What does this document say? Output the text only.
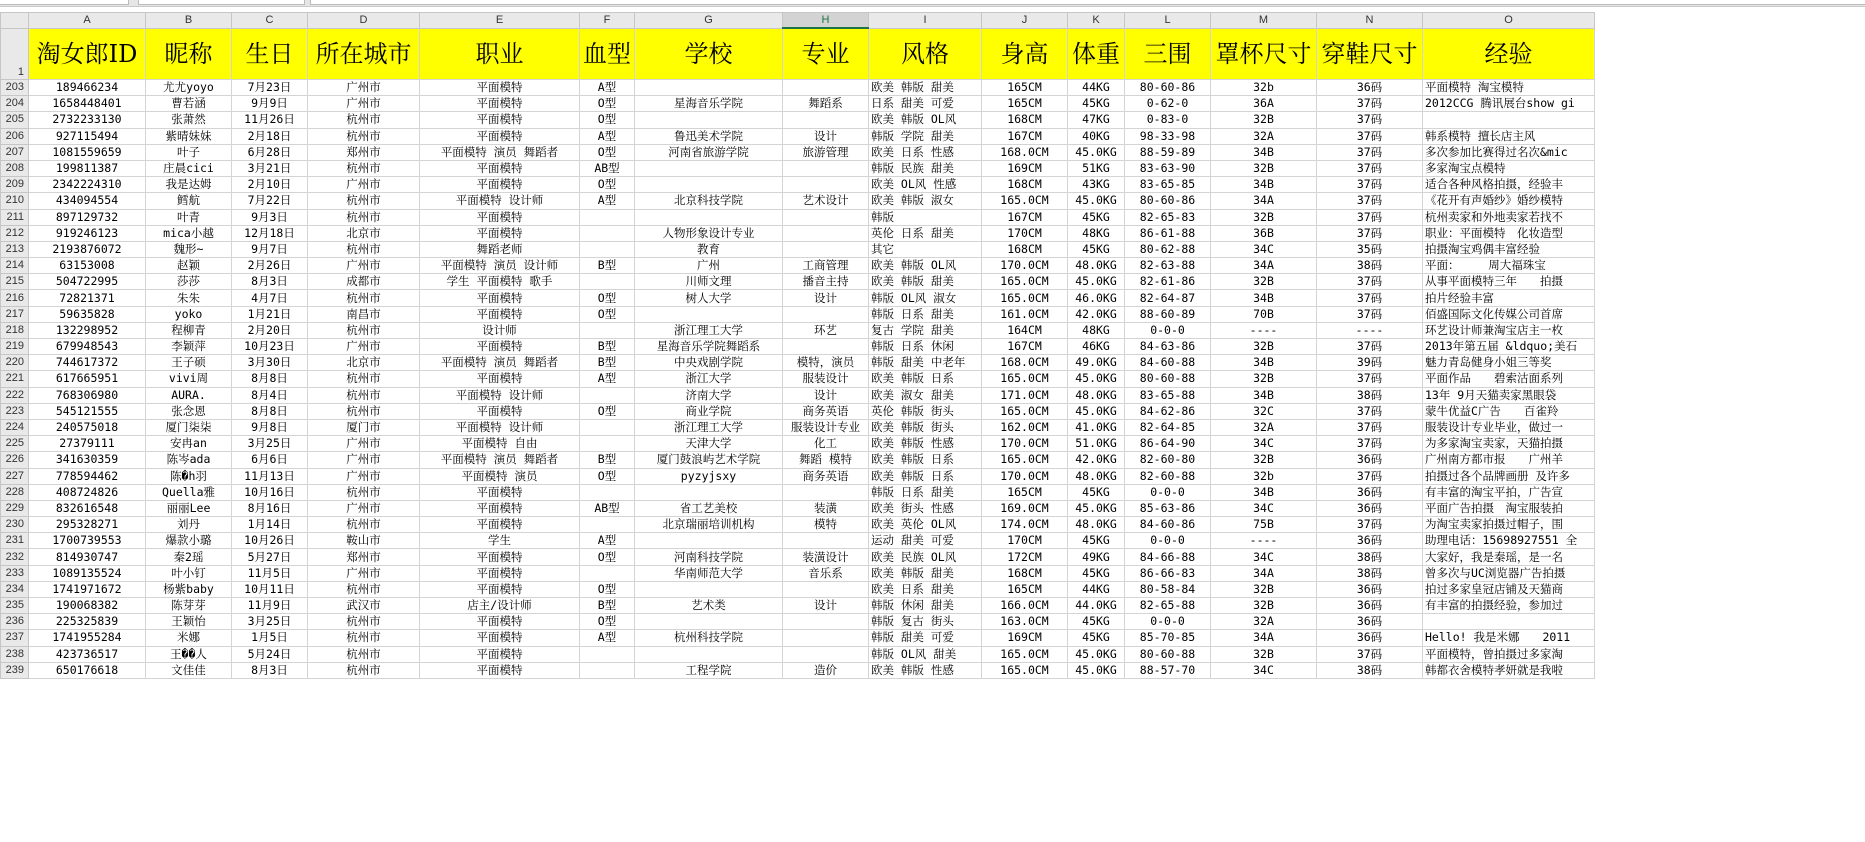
	A	B	C	D	E	F	G	H	I	J	K	L	M	N	O
1	淘女郎ID	昵称	生日	所在城市	职业	血型	学校	专业	风格	身高	体重	三围	罩杯尺寸	穿鞋尺寸	经验
203	189466234	尤尤yoyo	7月23日	广州市	平面模特	A型			欧美 韩版 甜美	165CM	44KG	80-60-86	32b	36码	平面模特 淘宝模特
204	1658448401	曹若涵	9月9日	广州市	平面模特	O型	星海音乐学院	舞蹈系	日系 甜美 可爱	165CM	45KG	0-62-0	36A	37码	2012CCG 腾讯展台show gi
205	2732233130	张萧然	11月26日	杭州市	平面模特	O型			欧美 韩版 OL风	168CM	47KG	0-83-0	32B	37码	
206	927115494	紫晴妹妹	2月18日	杭州市	平面模特	A型	鲁迅美术学院	设计	韩版 学院 甜美	167CM	40KG	98-33-98	32A	37码	韩系模特 擅长店主风
207	1081559659	叶子	6月28日	郑州市	平面模特 演员 舞蹈者	O型	河南省旅游学院	旅游管理	欧美 日系 性感	168.0CM	45.0KG	88-59-89	34B	37码	多次参加比赛得过名次&mic
208	199811387	庄晨cici	3月21日	杭州市	平面模特	AB型			韩版 民族 甜美	169CM	51KG	83-63-90	32B	37码	多家淘宝点模特
209	2342224310	我是达姆	2月10日	广州市	平面模特	O型			欧美 OL风 性感	168CM	43KG	83-65-85	34B	37码	适合各种风格拍摄，经验丰
210	434094554	鳕航	7月22日	杭州市	平面模特 设计师	A型	北京科技学院	艺术设计	欧美 韩版 淑女	165.0CM	45.0KG	80-60-86	34A	37码	《花开有声婚纱》婚纱模特
211	897129732	叶青	9月3日	杭州市	平面模特				韩版	167CM	45KG	82-65-83	32B	37码	杭州卖家和外地卖家若找不
212	919246123	mica小越	12月18日	北京市	平面模特		人物形象设计专业		英伦 日系 甜美	170CM	48KG	86-61-88	36B	37码	职业：平面模特　化妆造型
213	2193876072	魏形~	9月7日	杭州市	舞蹈老师		教育		其它	168CM	45KG	80-62-88	34C	35码	拍摄淘宝鸡偶丰富经验
214	63153008	赵颖	2月26日	广州市	平面模特 演员 设计师	B型	广州	工商管理	欧美 韩版 OL风	170.0CM	48.0KG	82-63-88	34A	38码	平面：　　　周大福珠宝
215	504722995	莎莎	8月3日	成都市	学生 平面模特 歌手		川师文理	播音主持	欧美 韩版 甜美	165.0CM	45.0KG	82-61-86	32B	37码	从事平面模特三年　　拍摄
216	72821371	朱朱	4月7日	杭州市	平面模特	O型	树人大学	设计	韩版 OL风 淑女	165.0CM	46.0KG	82-64-87	34B	37码	拍片经验丰富
217	59635828	yoko	1月21日	南昌市	平面模特	O型			韩版 日系 甜美	161.0CM	42.0KG	88-60-89	70B	37码	佰盛国际文化传媒公司首席
218	132298952	程柳青	2月20日	杭州市	设计师		浙江理工大学	环艺	复古 学院 甜美	164CM	48KG	0-0-0	----	----	环艺设计师兼淘宝店主一枚
219	679948543	李颖萍	10月23日	广州市	平面模特	B型	星海音乐学院舞蹈系		韩版 日系 休闲	167CM	46KG	84-63-86	32B	37码	2013年第五届 &ldquo;美石
220	744617372	王子硕	3月30日	北京市	平面模特 演员 舞蹈者	B型	中央戏剧学院	模特，演员	韩版 甜美 中老年	168.0CM	49.0KG	84-60-88	34B	39码	魅力青岛健身小姐三等奖
221	617665951	vivi周	8月8日	杭州市	平面模特	A型	浙江大学	服装设计	欧美 韩版 日系	165.0CM	45.0KG	80-60-88	32B	37码	平面作品　　碧索沽面系列
222	768306980	AURA.	8月4日	杭州市	平面模特 设计师		济南大学	设计	欧美 淑女 甜美	171.0CM	48.0KG	83-65-88	34B	38码	13年 9月天猫卖家黑眼袋
223	545121555	张念恩	8月8日	杭州市	平面模特	O型	商业学院	商务英语	英伦 韩版 街头	165.0CM	45.0KG	84-62-86	32C	37码	蒙牛优益C广告　　百雀羚
224	240575018	厦门柒柒	9月8日	厦门市	平面模特 设计师		浙江理工大学	服装设计专业	欧美 韩版 街头	162.0CM	41.0KG	82-64-85	32A	37码	服装设计专业毕业，做过一
225	27379111	安冉an	3月25日	广州市	平面模特 自由		天津大学	化工	欧美 韩版 性感	170.0CM	51.0KG	86-64-90	34C	37码	为多家淘宝卖家，天猫拍摄
226	341630359	陈岑ada	6月6日	广州市	平面模特 演员 舞蹈者	B型	厦门鼓浪屿艺术学院	舞蹈 模特	欧美 韩版 日系	165.0CM	42.0KG	82-60-80	32B	36码	广州南方都市报　　广州羊
227	778594462	陈�h羽	11月13日	广州市	平面模特 演员	O型	pyzyjsxy	商务英语	欧美 韩版 日系	170.0CM	48.0KG	82-60-88	32b	37码	拍摄过各个品牌画册 及许多
228	408724826	Quella雅	10月16日	杭州市	平面模特				韩版 日系 甜美	165CM	45KG	0-0-0	34B	36码	有丰富的淘宝平拍，广告宣
229	832616548	丽丽Lee	8月16日	广州市	平面模特	AB型	省工艺美校	装潢	欧美 街头 性感	169.0CM	45.0KG	85-63-86	34C	36码	平面广告拍摄　淘宝服装拍
230	295328271	刘丹	1月14日	杭州市	平面模特		北京瑞丽培训机构	模特	欧美 英伦 OL风	174.0CM	48.0KG	84-60-86	75B	37码	为淘宝卖家拍摄过帽子，围
231	1700739553	爆款小璐	10月26日	鞍山市	学生	A型			运动 甜美 可爱	170CM	45KG	0-0-0	----	36码	助理电话：15698927551 全
232	814930747	秦2瑶	5月27日	郑州市	平面模特	O型	河南科技学院	装潢设计	欧美 民族 OL风	172CM	49KG	84-66-88	34C	38码	大家好，我是秦瑶，是一名
233	1089135524	叶小钉	11月5日	广州市	平面模特		华南师范大学	音乐系	欧美 韩版 甜美	168CM	45KG	86-66-83	34A	38码	曾多次与UC浏览器广告拍摄
234	1741971672	杨紫baby	10月11日	杭州市	平面模特	O型			欧美 日系 甜美	165CM	44KG	80-58-84	32B	36码	拍过多家皇冠店铺及天猫商
235	190068382	陈芽芽	11月9日	武汉市	店主/设计师	B型	艺术类	设计	韩版 休闲 甜美	166.0CM	44.0KG	82-65-88	32B	36码	有丰富的拍摄经验，参加过
236	225325839	王颖怡	3月25日	杭州市	平面模特	O型			韩版 复古 街头	163.0CM	45KG	0-0-0	32A	36码	
237	1741955284	米娜	1月5日	杭州市	平面模特	A型	杭州科技学院		韩版 甜美 可爱	169CM	45KG	85-70-85	34A	36码	Hello! 我是米娜　　2011
238	423736517	王��人	5月24日	杭州市	平面模特				韩版 OL风 甜美	165.0CM	45.0KG	80-60-88	32B	37码	平面模特，曾拍摄过多家淘
239	650176618	文佳佳	8月3日	杭州市	平面模特		工程学院	造价	欧美 韩版 性感	165.0CM	45.0KG	88-57-70	34C	38码	韩都衣舍模特孝妍就是我啦
